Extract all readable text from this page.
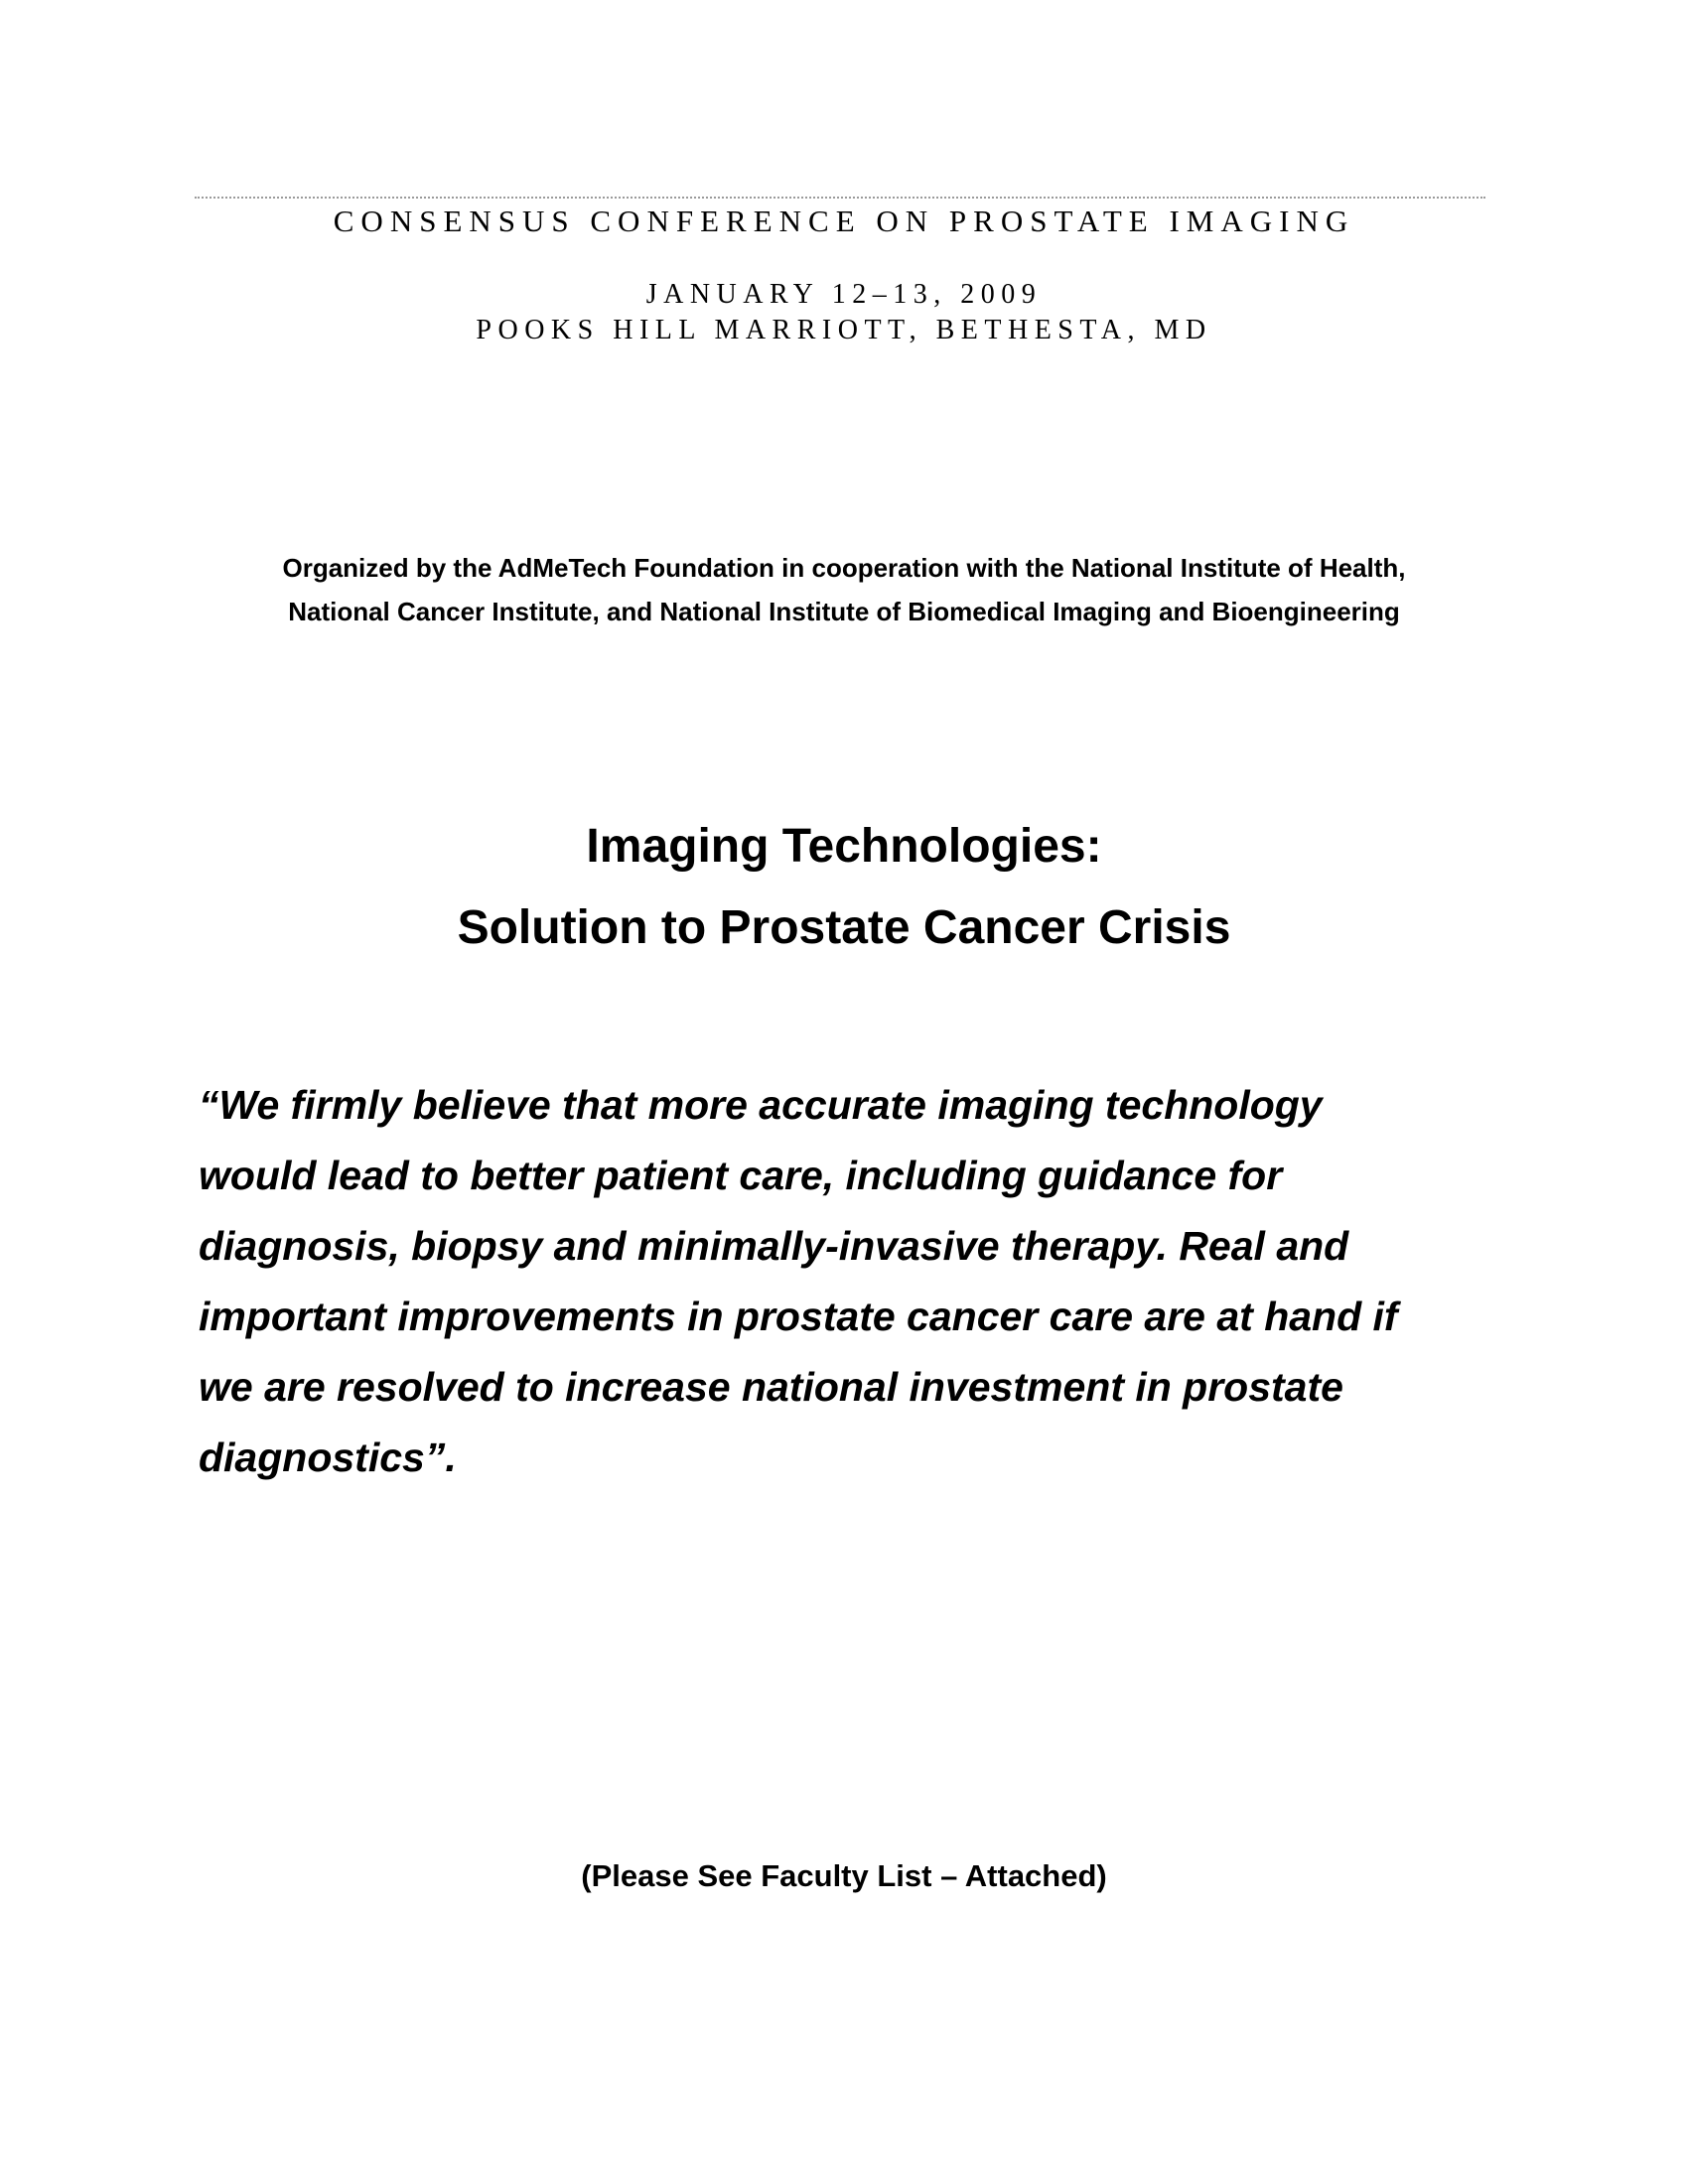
CONSENSUS CONFERENCE ON PROSTATE IMAGING
JANUARY 12–13, 2009
POOKS HILL MARRIOTT, BETHESTA, MD
Organized by the AdMeTech Foundation in cooperation with the National Institute of Health,
National Cancer Institute, and National Institute of Biomedical Imaging and Bioengineering
Imaging Technologies:
Solution to Prostate Cancer Crisis
“We firmly believe that more accurate imaging technology
would lead to better patient care, including guidance for
diagnosis, biopsy and minimally-invasive therapy. Real and
important improvements in prostate cancer care are at hand if
we are resolved to increase national investment in prostate
diagnostics”.
(Please See Faculty List – Attached)
